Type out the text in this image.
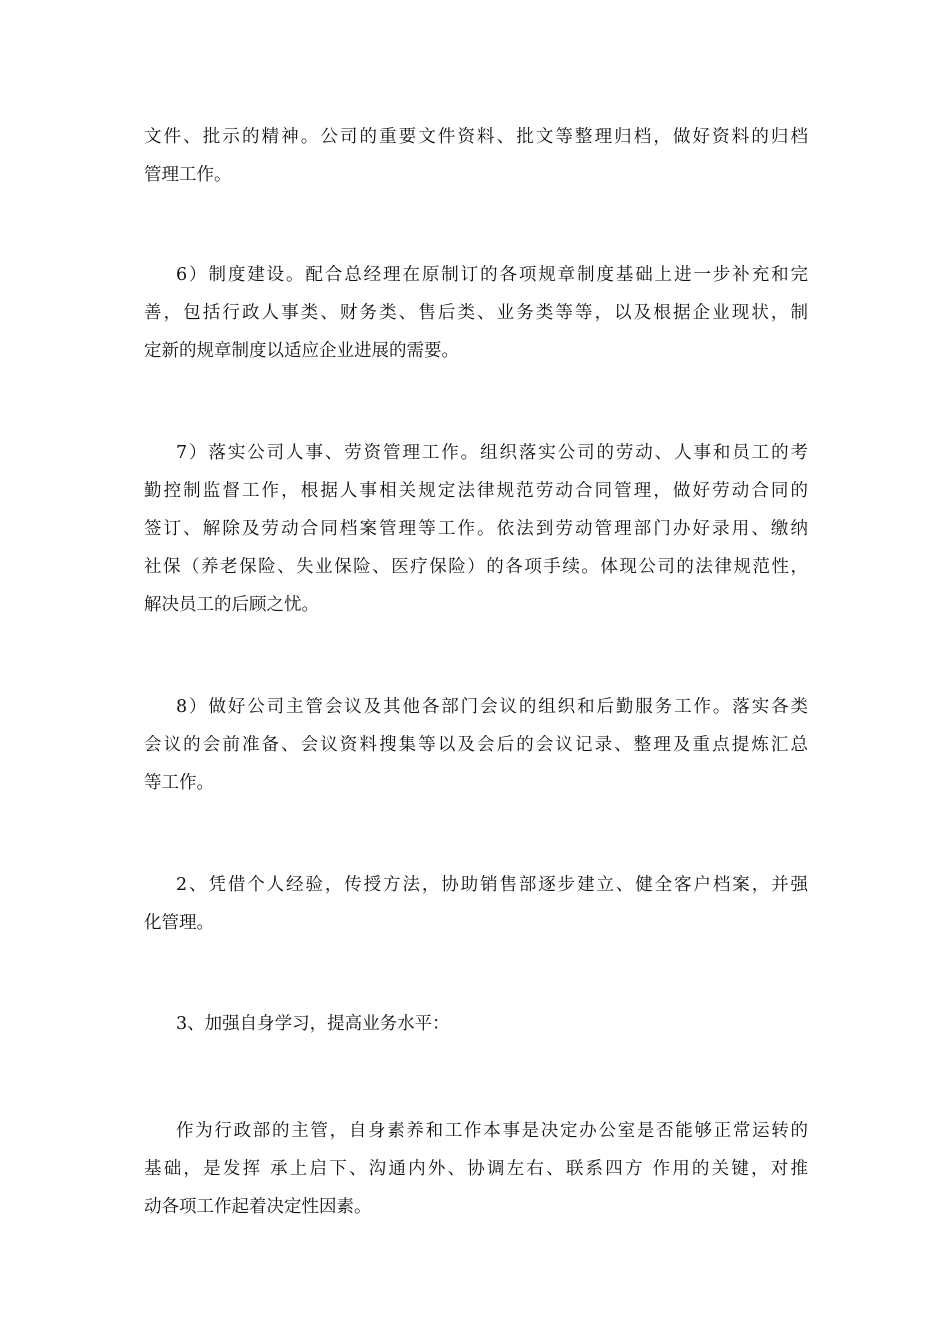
文件、批示的精神。公司的重要文件资料、批文等整理归档，做好资料的归档
管理工作。
6）制度建设。配合总经理在原制订的各项规章制度基础上进一步补充和完
善，包括行政人事类、财务类、售后类、业务类等等，以及根据企业现状，制
定新的规章制度以适应企业进展的需要。
7）落实公司人事、劳资管理工作。组织落实公司的劳动、人事和员工的考
勤控制监督工作，根据人事相关规定法律规范劳动合同管理，做好劳动合同的
签订、解除及劳动合同档案管理等工作。依法到劳动管理部门办好录用、缴纳
社保（养老保险、失业保险、医疗保险）的各项手续。体现公司的法律规范性，
解决员工的后顾之忧。
8）做好公司主管会议及其他各部门会议的组织和后勤服务工作。落实各类
会议的会前准备、会议资料搜集等以及会后的会议记录、整理及重点提炼汇总
等工作。
2、凭借个人经验，传授方法，协助销售部逐步建立、健全客户档案，并强
化管理。
3、加强自身学习，提高业务水平：
作为行政部的主管，自身素养和工作本事是决定办公室是否能够正常运转的
基础，是发挥 承上启下、沟通内外、协调左右、联系四方 作用的关键，对推
动各项工作起着决定性因素。
